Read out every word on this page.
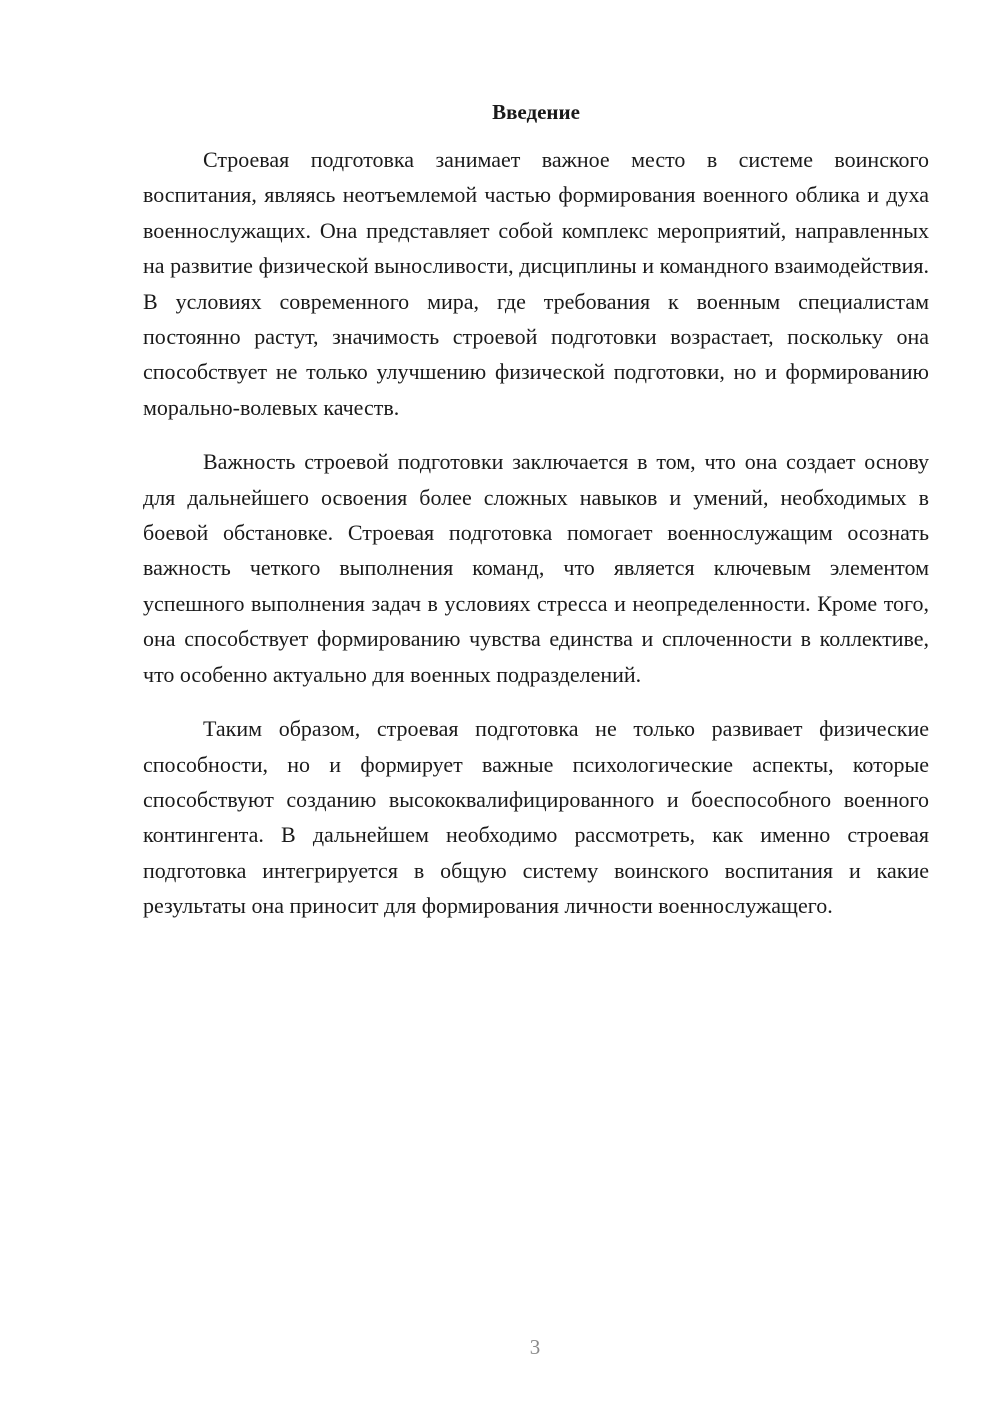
Введение

Строевая подготовка занимает важное место в системе воинского воспитания, являясь неотъемлемой частью формирования военного облика и духа военнослужащих. Она представляет собой комплекс мероприятий, направленных на развитие физической выносливости, дисциплины и командного взаимодействия. В условиях современного мира, где требования к военным специалистам постоянно растут, значимость строевой подготовки возрастает, поскольку она способствует не только улучшению физической подготовки, но и формированию морально-волевых качеств.

Важность строевой подготовки заключается в том, что она создает основу для дальнейшего освоения более сложных навыков и умений, необходимых в боевой обстановке. Строевая подготовка помогает военнослужащим осознать важность четкого выполнения команд, что является ключевым элементом успешного выполнения задач в условиях стресса и неопределенности. Кроме того, она способствует формированию чувства единства и сплоченности в коллективе, что особенно актуально для военных подразделений.

Таким образом, строевая подготовка не только развивает физические способности, но и формирует важные психологические аспекты, которые способствуют созданию высококвалифицированного и боеспособного военного контингента. В дальнейшем необходимо рассмотреть, как именно строевая подготовка интегрируется в общую систему воинского воспитания и какие результаты она приносит для формирования личности военнослужащего.

3
